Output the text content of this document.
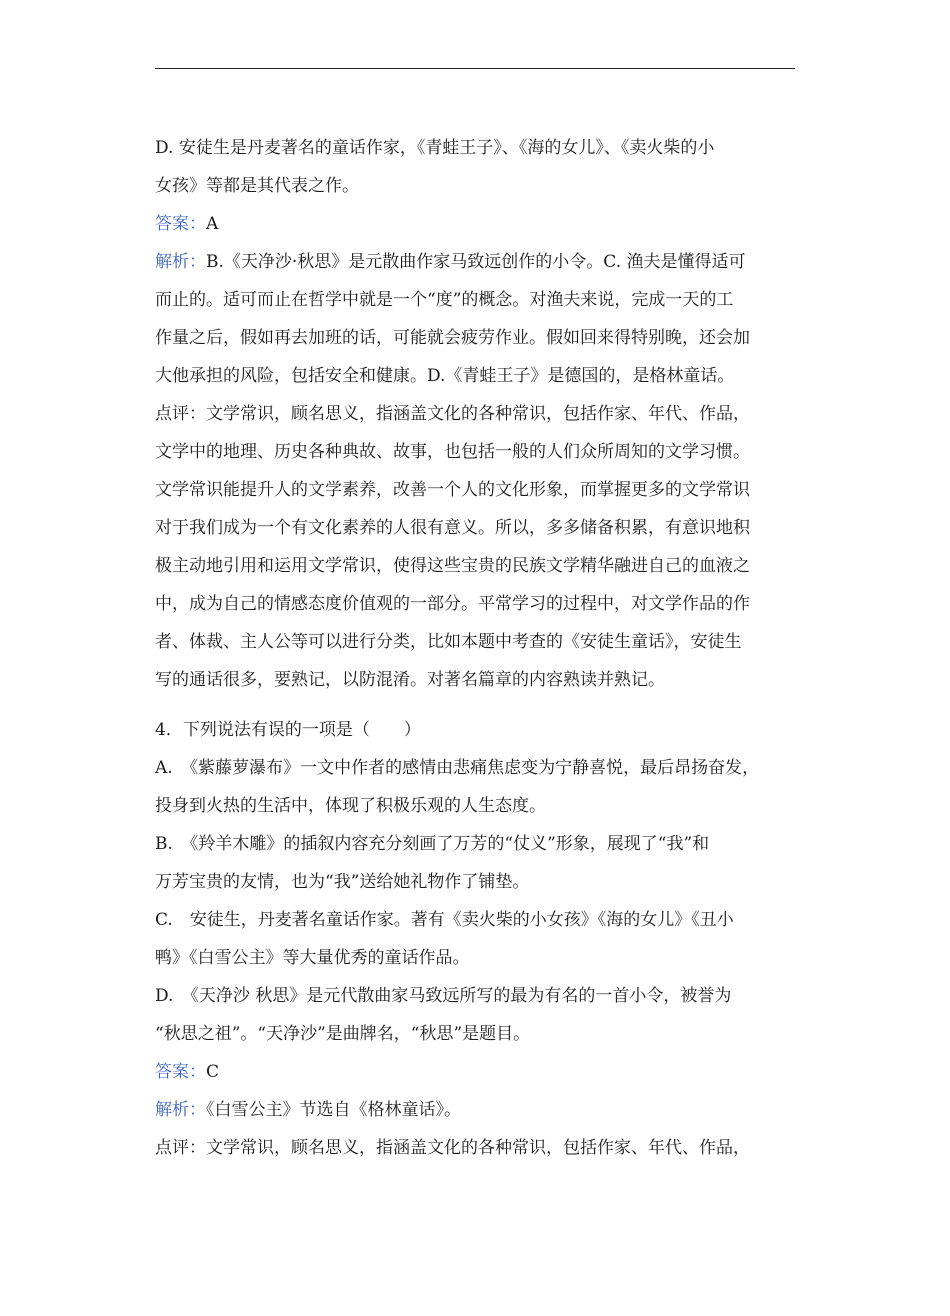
D. 安徒生是丹麦著名的童话作家，《青蛙王子》、《海的女儿》、《卖火柴的小
女孩》等都是其代表之作。
答案：A
解析：B.《天净沙·秋思》是元散曲作家马致远创作的小令。C. 渔夫是懂得适可
而止的。适可而止在哲学中就是一个“度”的概念。对渔夫来说，完成一天的工
作量之后，假如再去加班的话，可能就会疲劳作业。假如回来得特别晚，还会加
大他承担的风险，包括安全和健康。D.《青蛙王子》是德国的，是格林童话。
点评：文学常识，顾名思义，指涵盖文化的各种常识，包括作家、年代、作品，
文学中的地理、历史各种典故、故事，也包括一般的人们众所周知的文学习惯。
文学常识能提升人的文学素养，改善一个人的文化形象，而掌握更多的文学常识
对于我们成为一个有文化素养的人很有意义。所以，多多储备积累，有意识地积
极主动地引用和运用文学常识，使得这些宝贵的民族文学精华融进自己的血液之
中，成为自己的情感态度价值观的一部分。平常学习的过程中，对文学作品的作
者、体裁、主人公等可以进行分类，比如本题中考查的《安徒生童话》，安徒生
写的通话很多，要熟记，以防混淆。对著名篇章的内容熟读并熟记。
4．下列说法有误的一项是（　　）
A.　《紫藤萝瀑布》一文中作者的感情由悲痛焦虑变为宁静喜悦，最后昂扬奋发，
投身到火热的生活中，体现了积极乐观的人生态度。
B.　《羚羊木雕》的插叙内容充分刻画了万芳的“仗义”形象，展现了“我”和
万芳宝贵的友情，也为“我”送给她礼物作了铺垫。
C.　安徒生，丹麦著名童话作家。著有《卖火柴的小女孩》《海的女儿》《丑小
鸭》《白雪公主》等大量优秀的童话作品。
D.　《天净沙 秋思》是元代散曲家马致远所写的最为有名的一首小令，被誉为
“秋思之祖”。“天净沙”是曲牌名，“秋思”是题目。
答案：C
解析：《白雪公主》节选自《格林童话》。
点评：文学常识，顾名思义，指涵盖文化的各种常识，包括作家、年代、作品，
